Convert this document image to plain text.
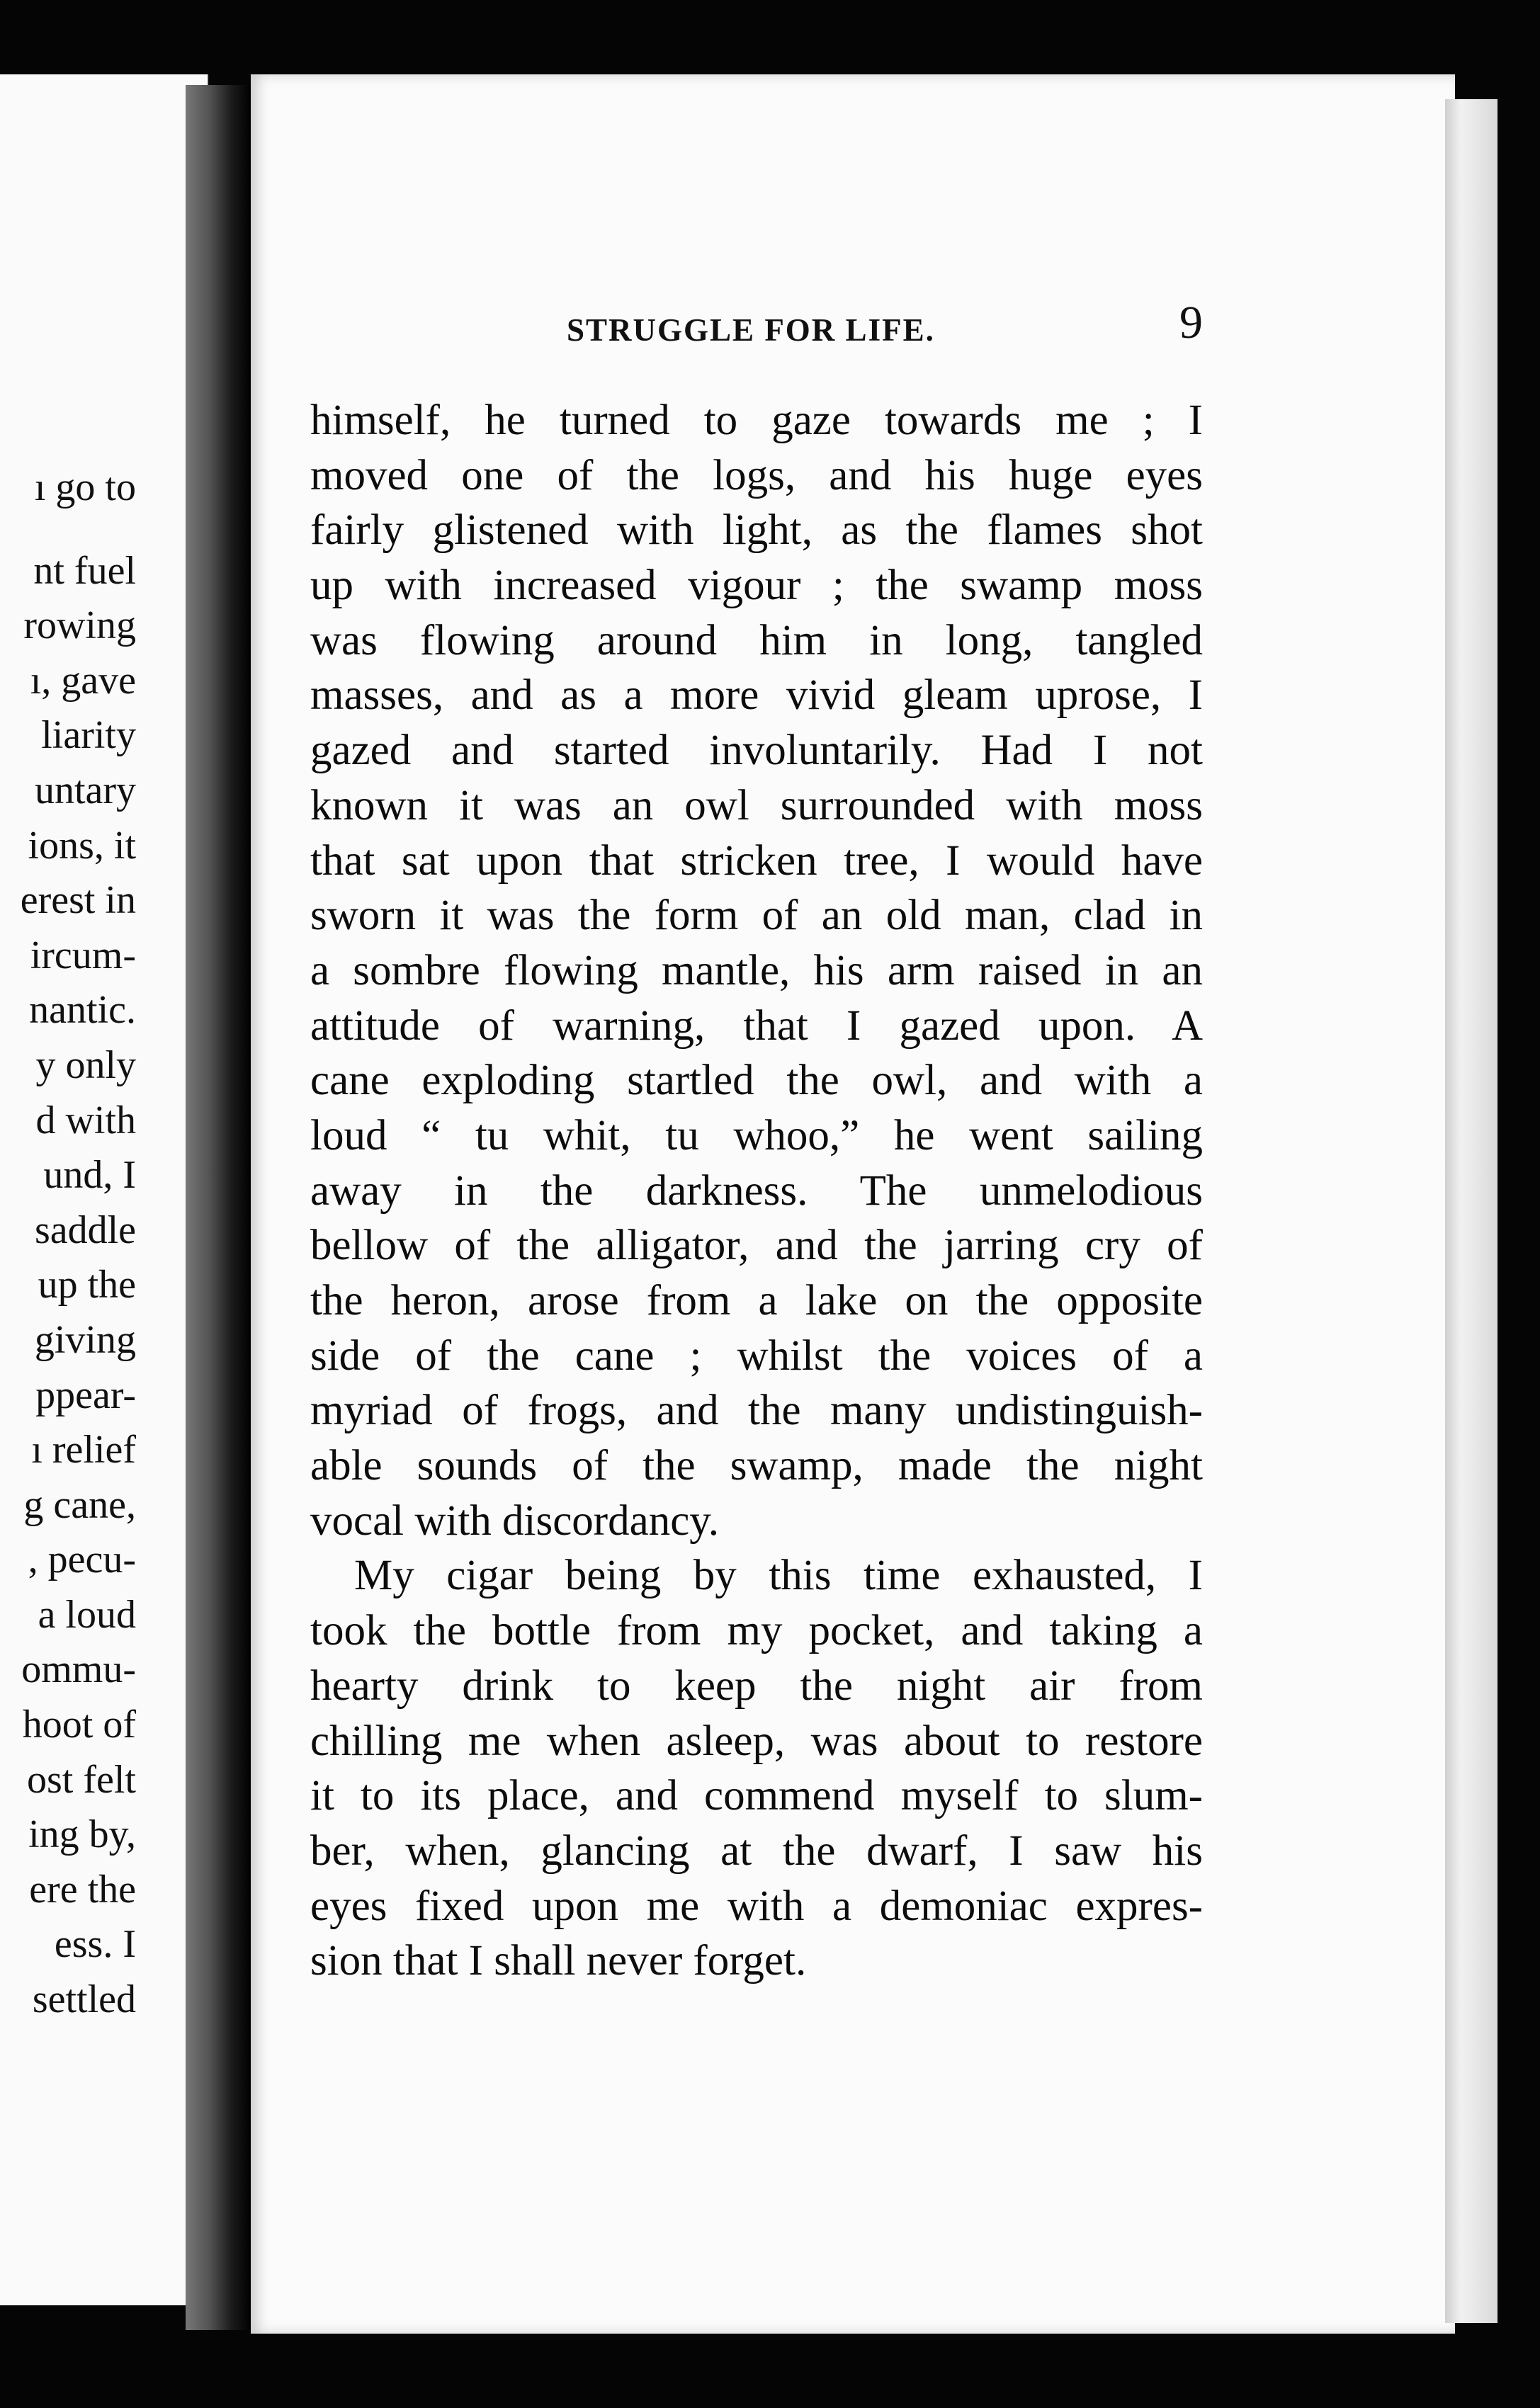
ı go to
nt fuel
rowing
ı, gave
liarity
untary
ions, it
erest in
ircum-
nantic.
y only
d with
und, I
saddle
up the
giving
ppear-
ı relief
g cane,
, pecu-
a loud
ommu-
hoot of
ost felt
ing by,
ere the
ess. I
settled
STRUGGLE FOR LIFE.	9
himself, he turned to gaze towards me ; I
moved one of the logs, and his huge eyes
fairly glistened with light, as the flames shot
up with increased vigour ; the swamp moss
was flowing around him in long, tangled
masses, and as a more vivid gleam uprose, I
gazed and started involuntarily. Had I not
known it was an owl surrounded with moss
that sat upon that stricken tree, I would have
sworn it was the form of an old man, clad in
a sombre flowing mantle, his arm raised in an
attitude of warning, that I gazed upon. A
cane exploding startled the owl, and with a
loud “ tu whit, tu whoo,” he went sailing
away in the darkness. The unmelodious
bellow of the alligator, and the jarring cry of
the heron, arose from a lake on the opposite
side of the cane ; whilst the voices of a
myriad of frogs, and the many undistinguish-
able sounds of the swamp, made the night
vocal with discordancy.
My cigar being by this time exhausted, I
took the bottle from my pocket, and taking a
hearty drink to keep the night air from
chilling me when asleep, was about to restore
it to its place, and commend myself to slum-
ber, when, glancing at the dwarf, I saw his
eyes fixed upon me with a demoniac expres-
sion that I shall never forget.
